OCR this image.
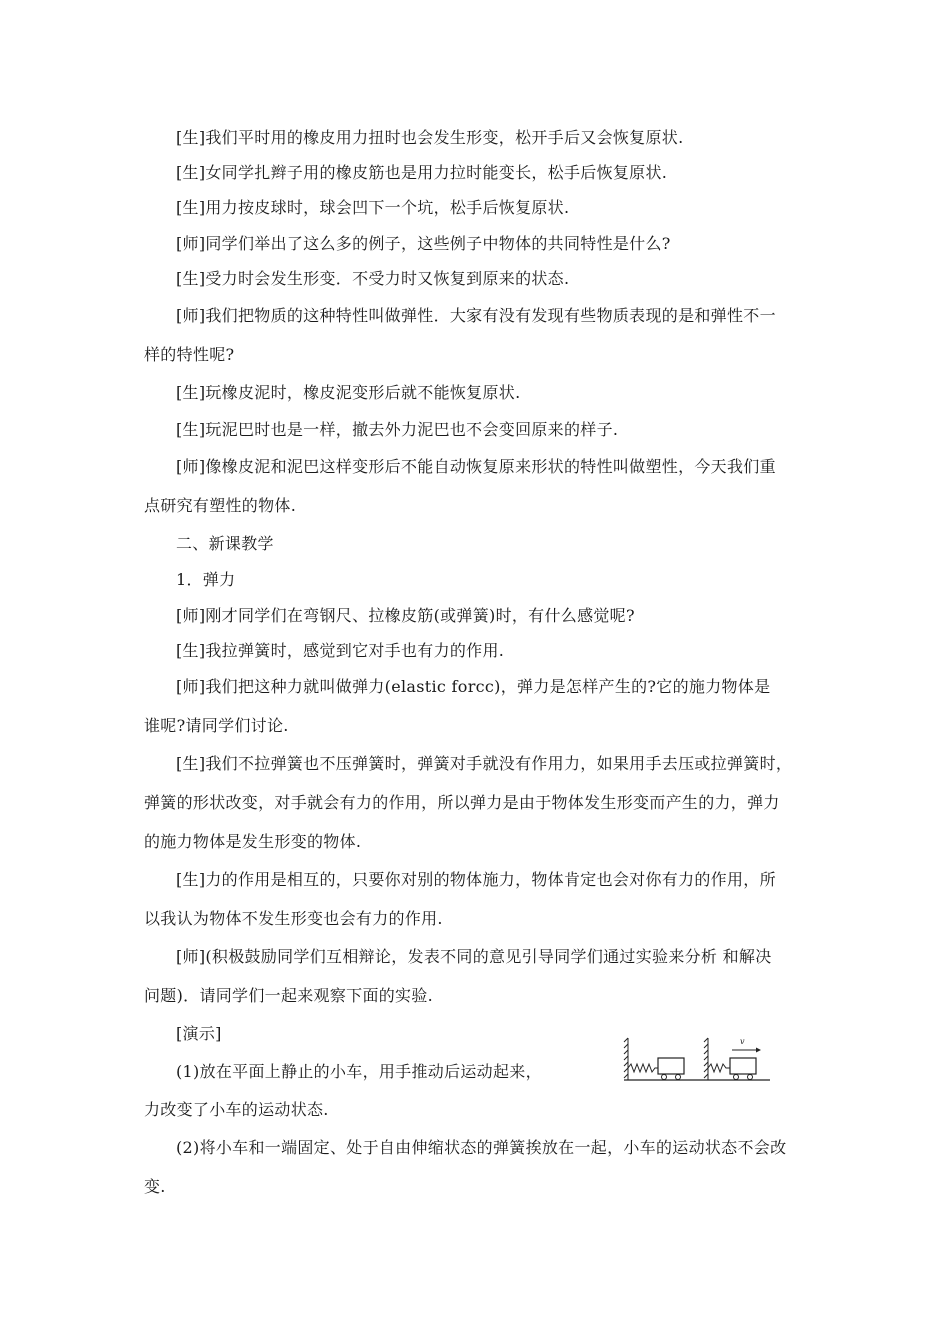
[生]我们平时用的橡皮用力扭时也会发生形变，松开手后又会恢复原状.
[生]女同学扎辫子用的橡皮筋也是用力拉时能变长，松手后恢复原状.
[生]用力按皮球时，球会凹下一个坑，松手后恢复原状.
[师]同学们举出了这么多的例子，这些例子中物体的共同特性是什么?
[生]受力时会发生形变．不受力时又恢复到原来的状态.
[师]我们把物质的这种特性叫做弹性．大家有没有发现有些物质表现的是和弹性不一
样的特性呢?
[生]玩橡皮泥时，橡皮泥变形后就不能恢复原状.
[生]玩泥巴时也是一样，撤去外力泥巴也不会变回原来的样子.
[师]像橡皮泥和泥巴这样变形后不能自动恢复原来形状的特性叫做塑性，今天我们重
点研究有塑性的物体.
二、新课教学
1．弹力
[师]刚才同学们在弯钢尺、拉橡皮筋(或弹簧)时，有什么感觉呢?
[生]我拉弹簧时，感觉到它对手也有力的作用.
[师]我们把这种力就叫做弹力(elastic forcc)，弹力是怎样产生的?它的施力物体是
谁呢?请同学们讨论.
[生]我们不拉弹簧也不压弹簧时，弹簧对手就没有作用力，如果用手去压或拉弹簧时，
弹簧的形状改变，对手就会有力的作用，所以弹力是由于物体发生形变而产生的力，弹力
的施力物体是发生形变的物体.
[生]力的作用是相互的，只要你对别的物体施力，物体肯定也会对你有力的作用，所
以我认为物体不发生形变也会有力的作用.
[师](积极鼓励同学们互相辩论，发表不同的意见引导同学们通过实验来分析 和解决
问题)．请同学们一起来观察下面的实验.
[演示]
(1)放在平面上静止的小车，用手推动后运动起来，
力改变了小车的运动状态.
(2)将小车和一端固定、处于自由伸缩状态的弹簧挨放在一起，小车的运动状态不会改
变.
v
